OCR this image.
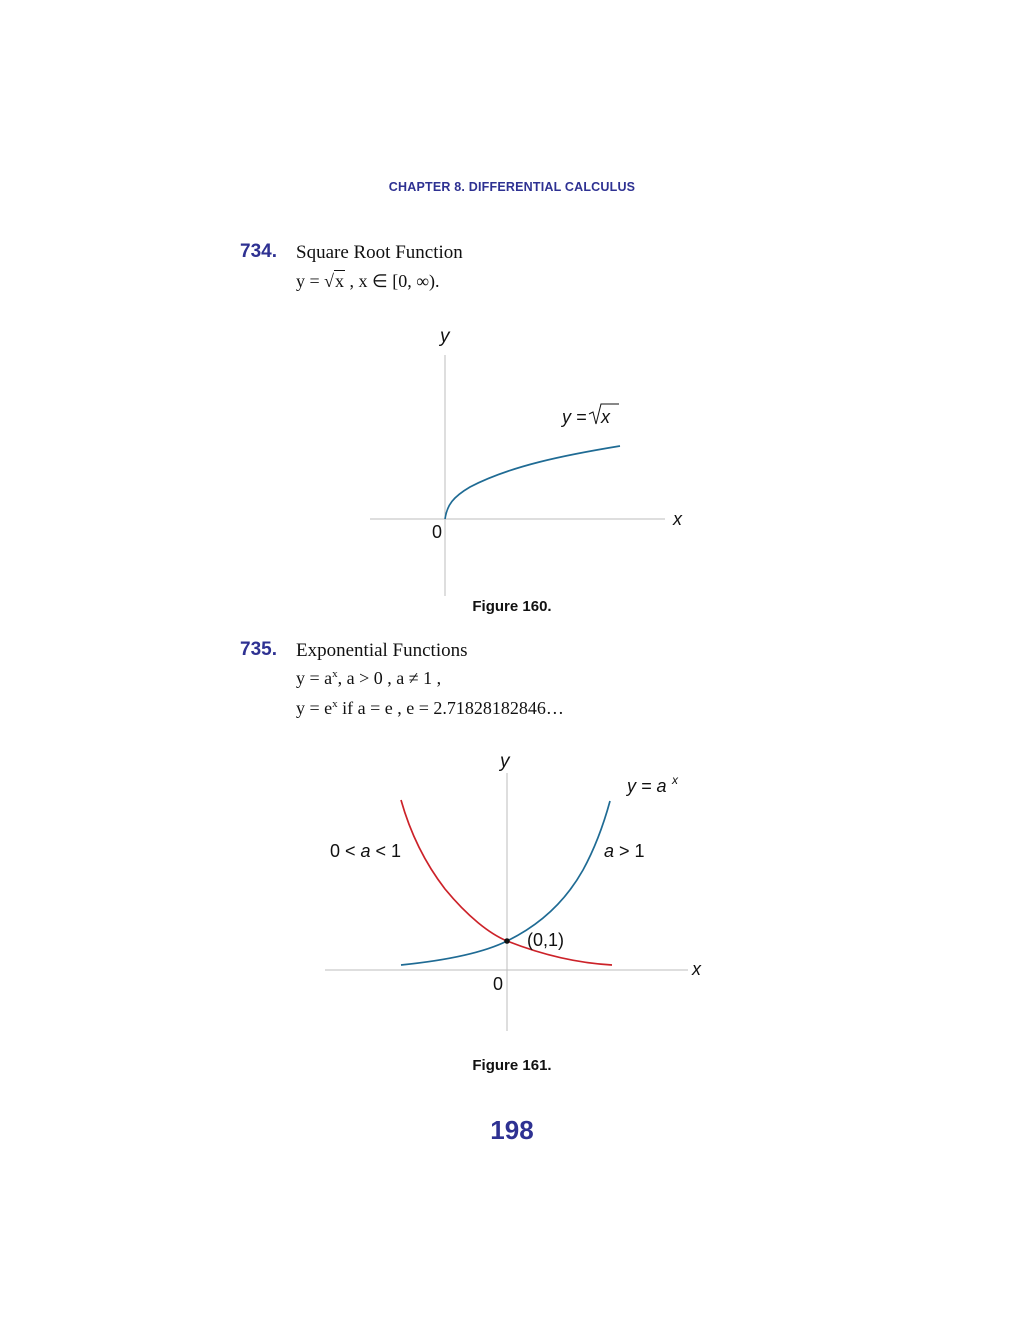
CHAPTER 8. DIFFERENTIAL CALCULUS
734. Square Root Function
y = √x , x ∈ [0, ∞).
y
x
0
y = x
Figure 160.
735. Exponential Functions
$y = a^x$, a > 0 , a ≠ 1 ,
$y = e^x$ if a = e , e = 2.71828182846…
y
x
0
y = a x
a > 1
0 < a < 1
(0,1)
Figure 161.
198
